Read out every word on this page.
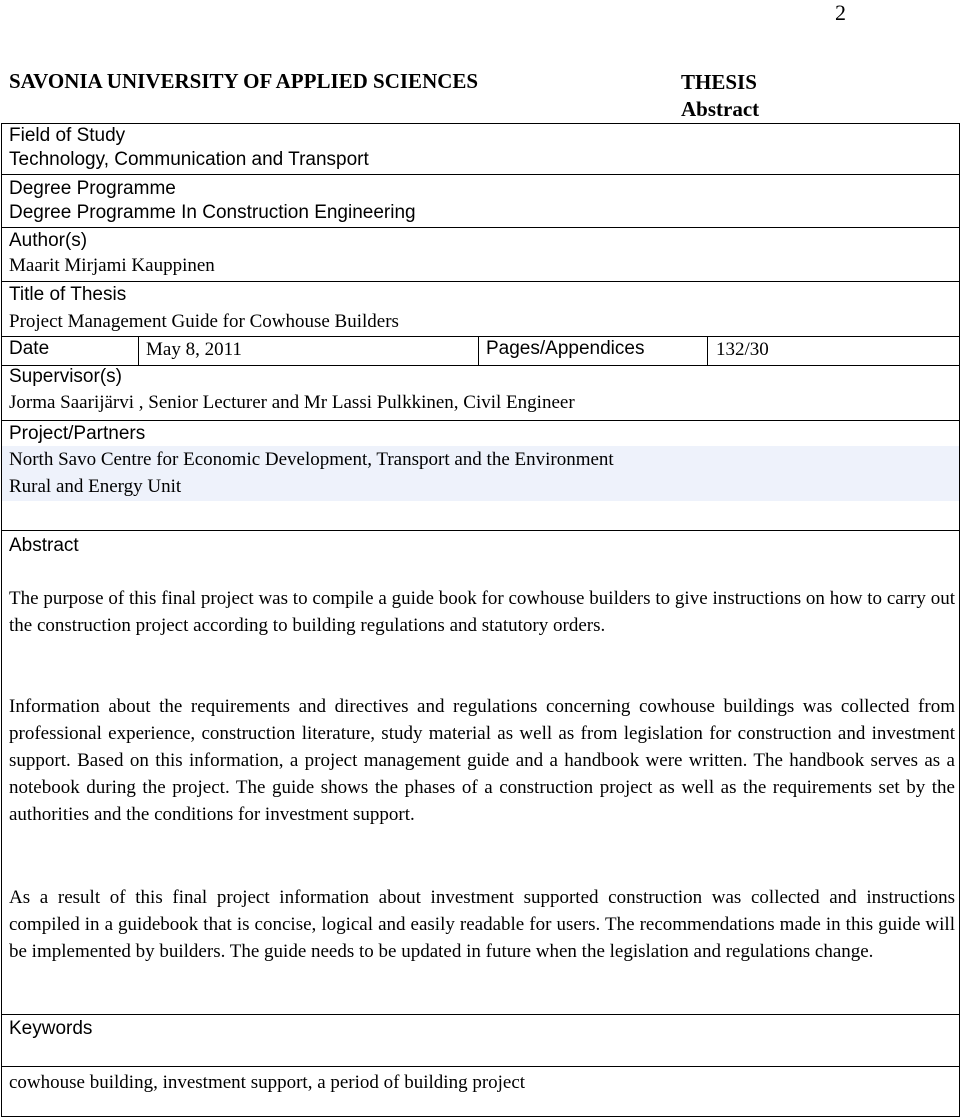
2
SAVONIA UNIVERSITY OF APPLIED SCIENCES	THESIS
Abstract
Field of Study
Technology, Communication and Transport
Degree Programme
Degree Programme In Construction Engineering
Author(s)
Maarit Mirjami Kauppinen
Title of Thesis
Project Management Guide for Cowhouse Builders
Date	May 8, 2011	Pages/Appendices	132/30
Supervisor(s)
Jorma Saarijärvi , Senior Lecturer and Mr Lassi Pulkkinen, Civil Engineer
Project/Partners
North Savo Centre for Economic Development, Transport and the Environment
Rural and Energy Unit
Abstract

The purpose of this final project was to compile a guide book for cowhouse builders to give instructions on how to carry out the construction project according to building regulations and statutory orders.

Information about the requirements and directives and regulations concerning cowhouse buildings was collected from professional experience, construction literature, study material as well as from legislation for construction and investment support. Based on this information, a project management guide and a handbook were written. The handbook serves as a notebook during the project. The guide shows the phases of a construction project as well as the requirements set by the authorities and the conditions for investment support.

As a result of this final project information about investment supported construction was collected and instructions compiled in a guidebook that is concise, logical and easily readable for users. The recommendations made in this guide will be implemented by builders. The guide needs to be updated in future when the legislation and regulations change.

Keywords
cowhouse building, investment support, a period of building project
